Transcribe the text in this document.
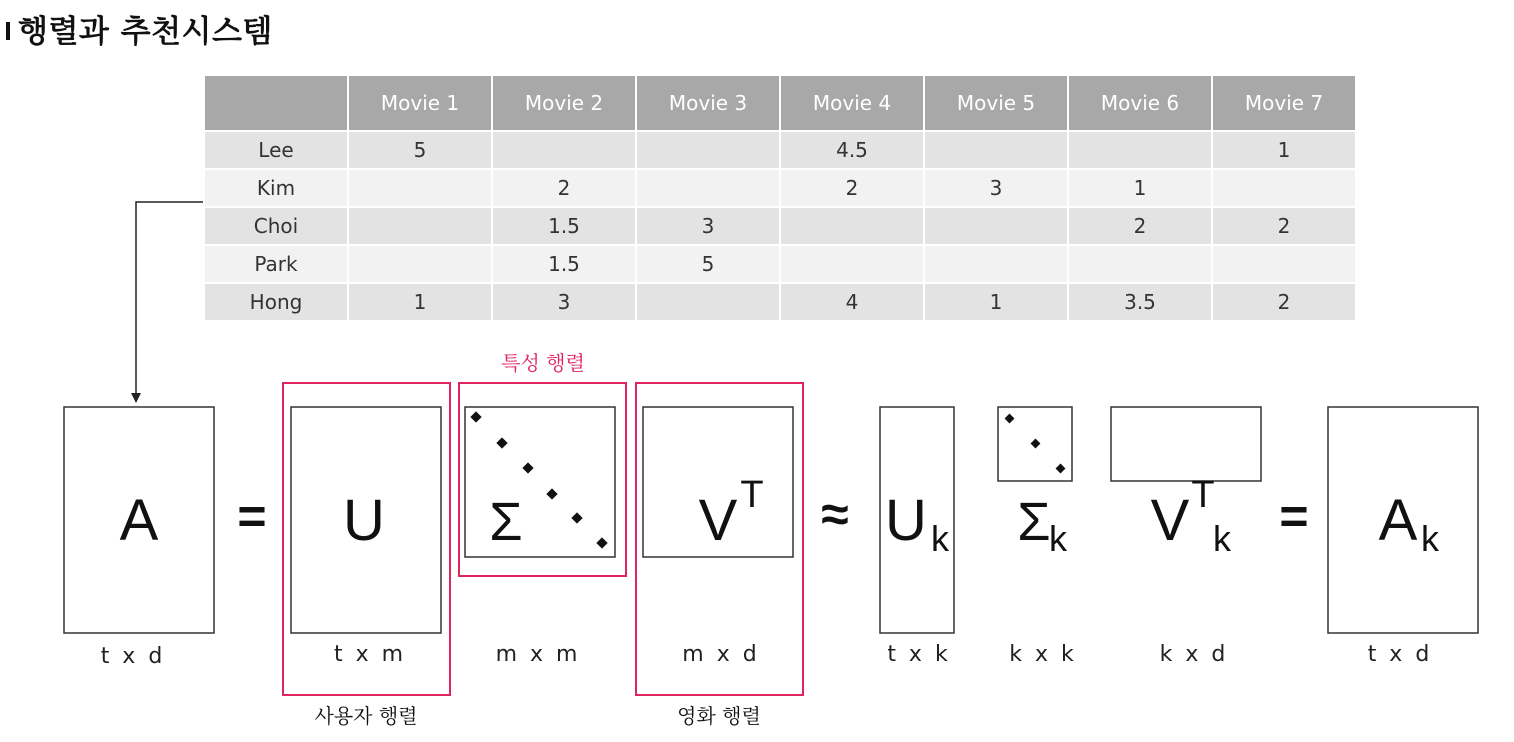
행렬과 추천시스템
	Movie 1	Movie 2	Movie 3	Movie 4	Movie 5	Movie 6	Movie 7
Lee	5			4.5			1
Kim		2		2	3	1	
Choi		1.5	3			2	2
Park		1.5	5				
Hong	1	3		4	1	3.5	2
A
t x d
= U
t x m
사용자 행렬
특성 행렬
Σ
m x m
V T
m x d
영화 행렬
≈ U k
t x k
Σ
k
k x k
V T
k
k x d
= A k
t x d
